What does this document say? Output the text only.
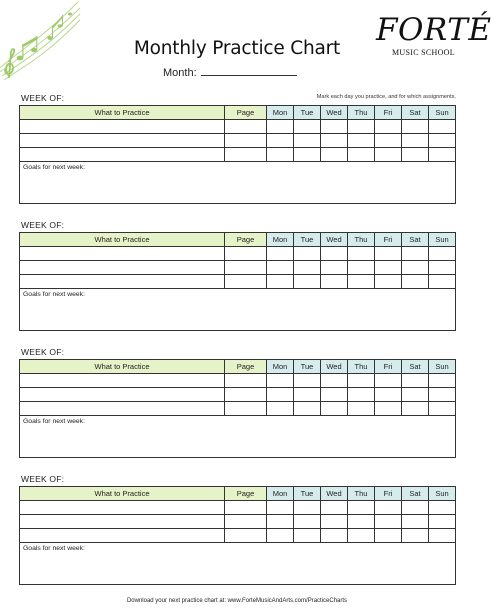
Monthly Practice Chart
Month:
FORTÉ
MUSIC SCHOOL
WEEK OF:	Mark each day you practice, and for which assignments.
What to Practice	Page	Mon	Tue	Wed	Thu	Fri	Sat	Sun

Goals for next week:								
WEEK OF:
What to Practice	Page	Mon	Tue	Wed	Thu	Fri	Sat	Sun

Goals for next week:								
WEEK OF:
What to Practice	Page	Mon	Tue	Wed	Thu	Fri	Sat	Sun

Goals for next week:								
WEEK OF:
What to Practice	Page	Mon	Tue	Wed	Thu	Fri	Sat	Sun

Goals for next week:								
Download your next practice chart at: www.ForteMusicAndArts.com/PracticeCharts
